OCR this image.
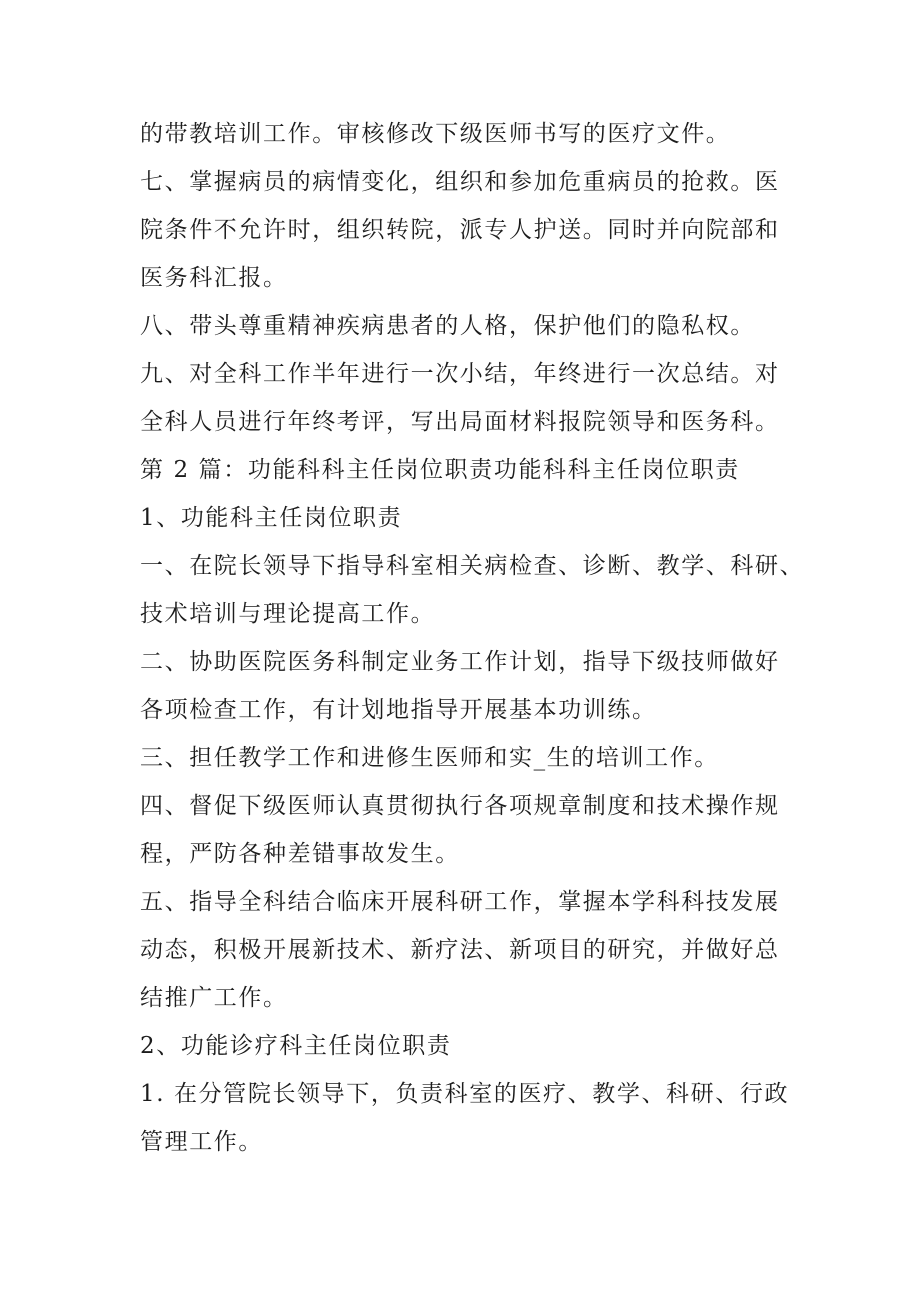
的带教培训工作。审核修改下级医师书写的医疗文件。
七、掌握病员的病情变化，组织和参加危重病员的抢救。医
院条件不允许时，组织转院，派专人护送。同时并向院部和
医务科汇报。
八、带头尊重精神疾病患者的人格，保护他们的隐私权。
九、对全科工作半年进行一次小结，年终进行一次总结。对
全科人员进行年终考评，写出局面材料报院领导和医务科。
第 2 篇：功能科科主任岗位职责功能科科主任岗位职责
1、功能科主任岗位职责
一、在院长领导下指导科室相关病检查、诊断、教学、科研、
技术培训与理论提高工作。
二、协助医院医务科制定业务工作计划，指导下级技师做好
各项检查工作，有计划地指导开展基本功训练。
三、担任教学工作和进修生医师和实_生的培训工作。
四、督促下级医师认真贯彻执行各项规章制度和技术操作规
程，严防各种差错事故发生。
五、指导全科结合临床开展科研工作，掌握本学科科技发展
动态，积极开展新技术、新疗法、新项目的研究，并做好总
结推广工作。
2、功能诊疗科主任岗位职责
1. 在分管院长领导下，负责科室的医疗、教学、科研、行政
管理工作。
